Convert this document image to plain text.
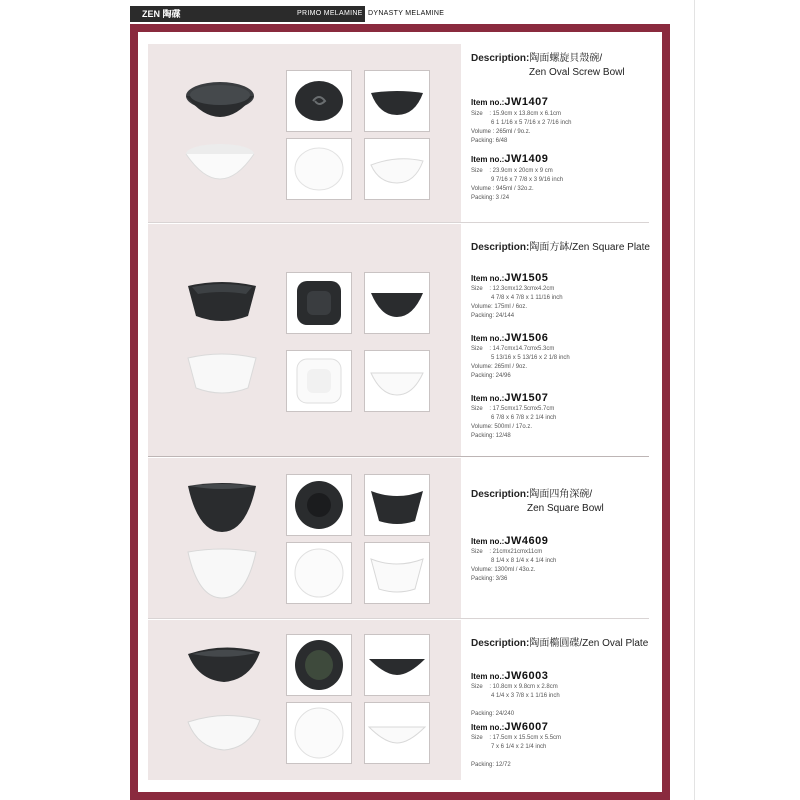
ZEN 陶碟	PRIMO MELAMINE DYNASTY MELAMINE
Description:陶面螺旋貝殼碗/
Zen Oval Screw Bowl
Item no.:JW1407
Size : 15.9cm x 13.8cm x 6.1cm
6 1 1/16 x 5 7/16 x 2 7/16 inch
Volume : 265ml / 9o.z.
Packing: 6/48
Item no.:JW1409
Size : 23.9cm x 20cm x 9 cm
9 7/16 x 7 7/8 x 3 9/16 inch
Volume : 945ml / 32o.z.
Packing: 3 /24
Description:陶面方缽/Zen Square Plate
Item no.:JW1505
Size : 12.3cmx12.3cmx4.2cm
4 7/8 x 4 7/8 x 1 11/16 inch
Volume: 175ml / 6oz.
Packing: 24/144
Item no.:JW1506
Size : 14.7cmx14.7cmx5.3cm
5 13/16 x 5 13/16 x 2 1/8 inch
Volume: 265ml / 9oz.
Packing: 24/96
Item no.:JW1507
Size : 17.5cmx17.5cmx5.7cm
6 7/8 x 6 7/8 x 2 1/4 inch
Volume: 500ml / 17o.z.
Packing: 12/48
Description:陶面四角深碗/
Zen Square Bowl
Item no.:JW4609
Size : 21cmx21cmx11cm
8 1/4 x 8 1/4 x 4 1/4 inch
Volume: 1300ml / 43o.z.
Packing: 3/36
Description:陶面橢圓碟/Zen Oval Plate
Item no.:JW6003
Size : 10.8cm x 9.8cm x 2.8cm
4 1/4 x 3 7/8 x 1 1/16 inch

Packing: 24/240
Item no.:JW6007
Size : 17.5cm x 15.5cm x 5.5cm
7 x 6 1/4 x 2 1/4 inch

Packing: 12/72
